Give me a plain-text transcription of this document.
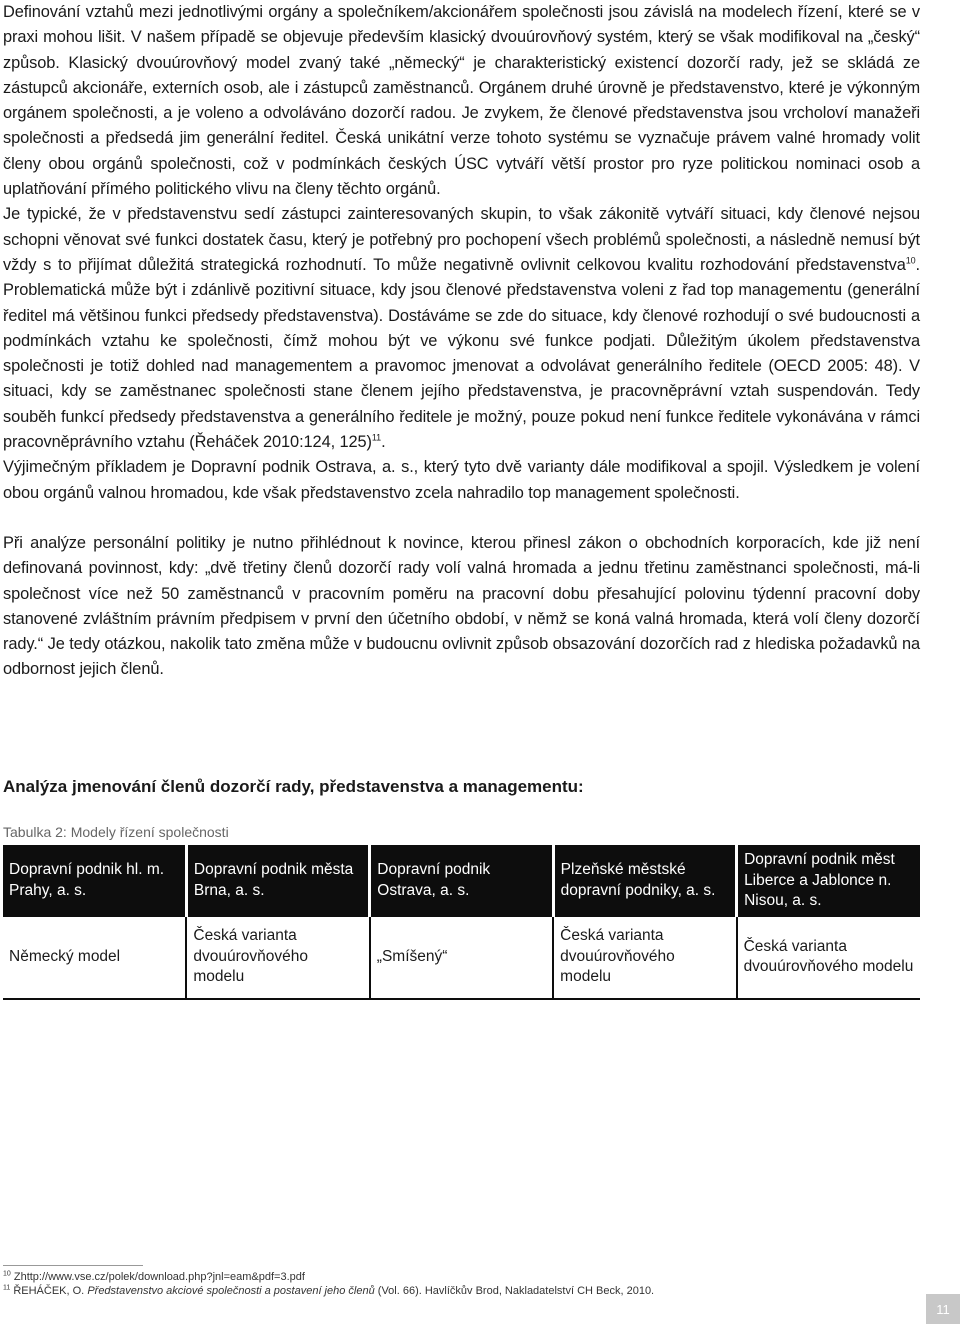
Definování vztahů mezi jednotlivými orgány a společníkem/akcionářem společnosti jsou závislá na modelech řízení, které se v praxi mohou lišit. V našem případě se objevuje především klasický dvouúrovňový systém, který se však modifikoval na „český“ způsob. Klasický dvouúrovňový model zvaný také „německý“ je charakteristický existencí dozorčí rady, jež se skládá ze zástupců akcionáře, externích osob, ale i zástupců zaměstnanců. Orgánem druhé úrovně je představenstvo, které je výkonným orgánem společnosti, a je voleno a odvoláváno dozorčí radou. Je zvykem, že členové představenstva jsou vrcholoví manažeři společnosti a předsedá jim generální ředitel. Česká unikátní verze tohoto systému se vyznačuje právem valné hromady volit členy obou orgánů společnosti, což v podmínkách českých ÚSC vytváří větší prostor pro ryze politickou nominaci osob a uplatňování přímého politického vlivu na členy těchto orgánů.

Je typické, že v představenstvu sedí zástupci zainteresovaných skupin, to však zákonitě vytváří situaci, kdy členové nejsou schopni věnovat své funkci dostatek času, který je potřebný pro pochopení všech problémů společnosti, a následně nemusí být vždy s to přijímat důležitá strategická rozhodnutí. To může negativně ovlivnit celkovou kvalitu rozhodování představenstva$^{10}$. Problematická může být i zdánlivě pozitivní situace, kdy jsou členové představenstva voleni z řad top managementu (generální ředitel má většinou funkci předsedy představenstva). Dostáváme se zde do situace, kdy členové rozhodují o své budoucnosti a podmínkách vztahu ke společnosti, čímž mohou být ve výkonu své funkce podjati. Důležitým úkolem představenstva společnosti je totiž dohled nad managementem a pravomoc jmenovat a odvolávat generálního ředitele (OECD 2005: 48). V situaci, kdy se zaměstnanec společnosti stane členem jejího představenstva, je pracovněprávní vztah suspendován. Tedy souběh funkcí předsedy představenstva a generálního ředitele je možný, pouze pokud není funkce ředitele vykonávána v rámci pracovněprávního vztahu (Řeháček 2010:124, 125)$^{11}$.

Výjimečným příkladem je Dopravní podnik Ostrava, a. s., který tyto dvě varianty dále modifikoval a spojil. Výsledkem je volení obou orgánů valnou hromadou, kde však představenstvo zcela nahradilo top management společnosti.

Při analýze personální politiky je nutno přihlédnout k novince, kterou přinesl zákon o obchodních korporacích, kde již není definovaná povinnost, kdy: „dvě třetiny členů dozorčí rady volí valná hromada a jednu třetinu zaměstnanci společnosti, má-li společnost více než 50 zaměstnanců v pracovním poměru na pracovní dobu přesahující polovinu týdenní pracovní doby stanovené zvláštním právním předpisem v první den účetního období, v němž se koná valná hromada, která volí členy dozorčí rady.“ Je tedy otázkou, nakolik tato změna může v budoucnu ovlivnit způsob obsazování dozorčích rad z hlediska požadavků na odbornost jejich členů.

Analýza jmenování členů dozorčí rady, představenstva a managementu:
Tabulka 2: Modely řízení společnosti
Dopravní podnik hl. m. Prahy, a. s.	Dopravní podnik města Brna, a. s.	Dopravní podnik Ostrava, a. s.	Plzeňské městské dopravní podniky, a. s.	Dopravní podnik měst Liberce a Jablonce n. Nisou, a. s.
Německý model	Česká varianta dvouúrovňového modelu	„Smíšený“	Česká varianta dvouúrovňového modelu	Česká varianta dvouúrovňového modelu
$^{10}$ Zhttp://www.vse.cz/polek/download.php?jnl=eam&pdf=3.pdf
$^{11}$ ŘEHÁČEK, O. Představenstvo akciové společnosti a postavení jeho členů (Vol. 66). Havlíčkův Brod, Nakladatelství CH Beck, 2010.
11
